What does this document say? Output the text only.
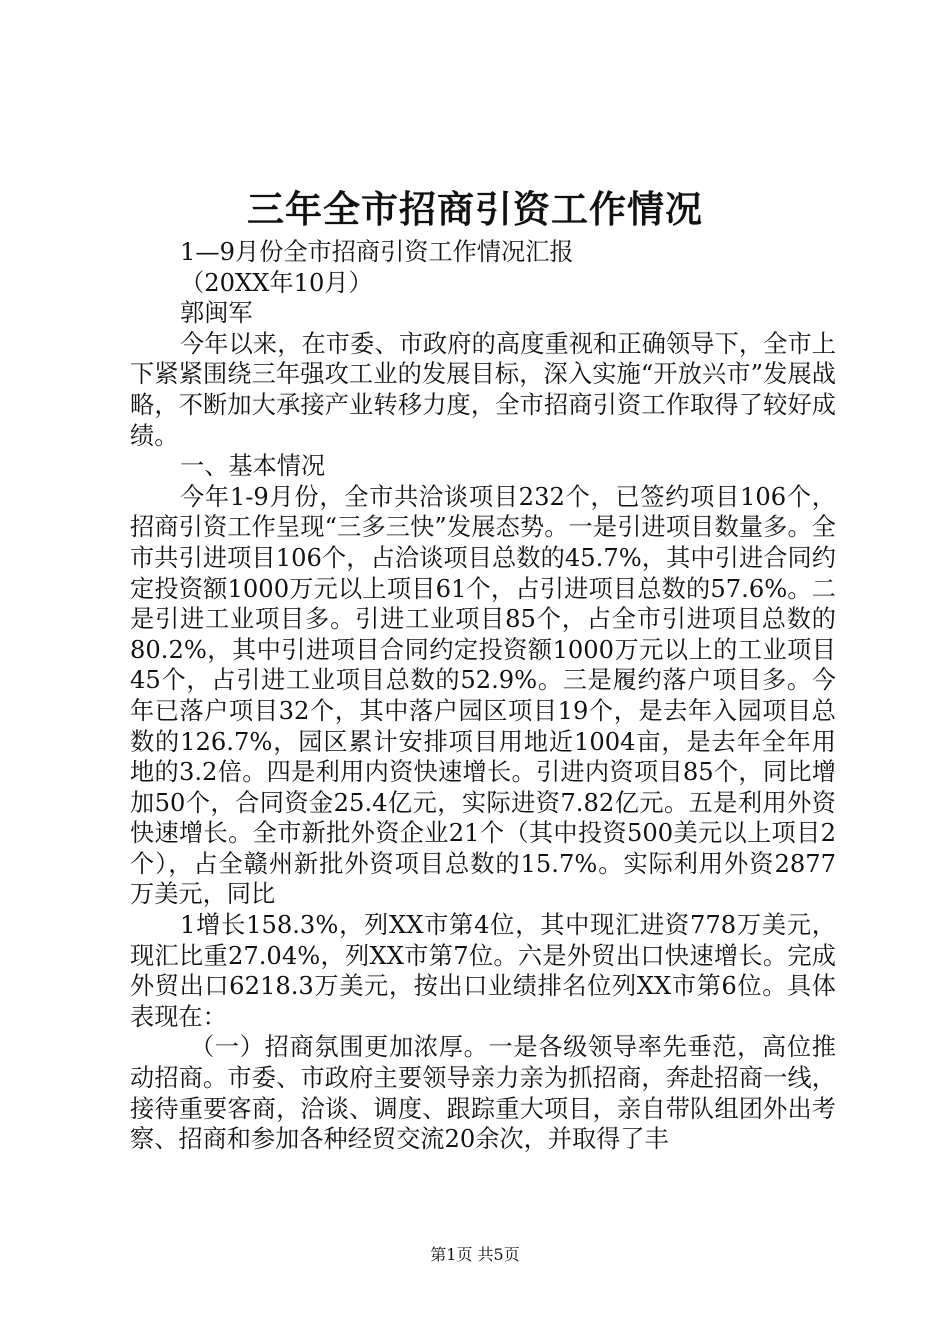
三年全市招商引资工作情况

1—9月份全市招商引资工作情况汇报

（20XX年10月）

郭闽军

今年以来，在市委、市政府的高度重视和正确领导下，全市上下紧紧围绕三年强攻工业的发展目标，深入实施“开放兴市”发展战略，不断加大承接产业转移力度，全市招商引资工作取得了较好成绩。

一、基本情况

今年1-9月份，全市共洽谈项目232个，已签约项目106个，招商引资工作呈现“三多三快”发展态势。一是引进项目数量多。全市共引进项目106个，占洽谈项目总数的45.7%，其中引进合同约定投资额1000万元以上项目61个，占引进项目总数的57.6%。二是引进工业项目多。引进工业项目85个，占全市引进项目总数的80.2%，其中引进项目合同约定投资额1000万元以上的工业项目45个，占引进工业项目总数的52.9%。三是履约落户项目多。今年已落户项目32个，其中落户园区项目19个，是去年入园项目总数的126.7%，园区累计安排项目用地近1004亩，是去年全年用地的3.2倍。四是利用内资快速增长。引进内资项目85个，同比增加50个，合同资金25.4亿元，实际进资7.82亿元。五是利用外资快速增长。全市新批外资企业21个（其中投资500美元以上项目2个），占全赣州新批外资项目总数的15.7%。实际利用外资2877万美元，同比

1增长158.3%，列XX市第4位，其中现汇进资778万美元，现汇比重27.04%，列XX市第7位。六是外贸出口快速增长。完成外贸出口6218.3万美元，按出口业绩排名位列XX市第6位。具体表现在：

（一）招商氛围更加浓厚。一是各级领导率先垂范，高位推动招商。市委、市政府主要领导亲力亲为抓招商，奔赴招商一线，接待重要客商，洽谈、调度、跟踪重大项目，亲自带队组团外出考察、招商和参加各种经贸交流20余次，并取得了丰

第1页 共5页
